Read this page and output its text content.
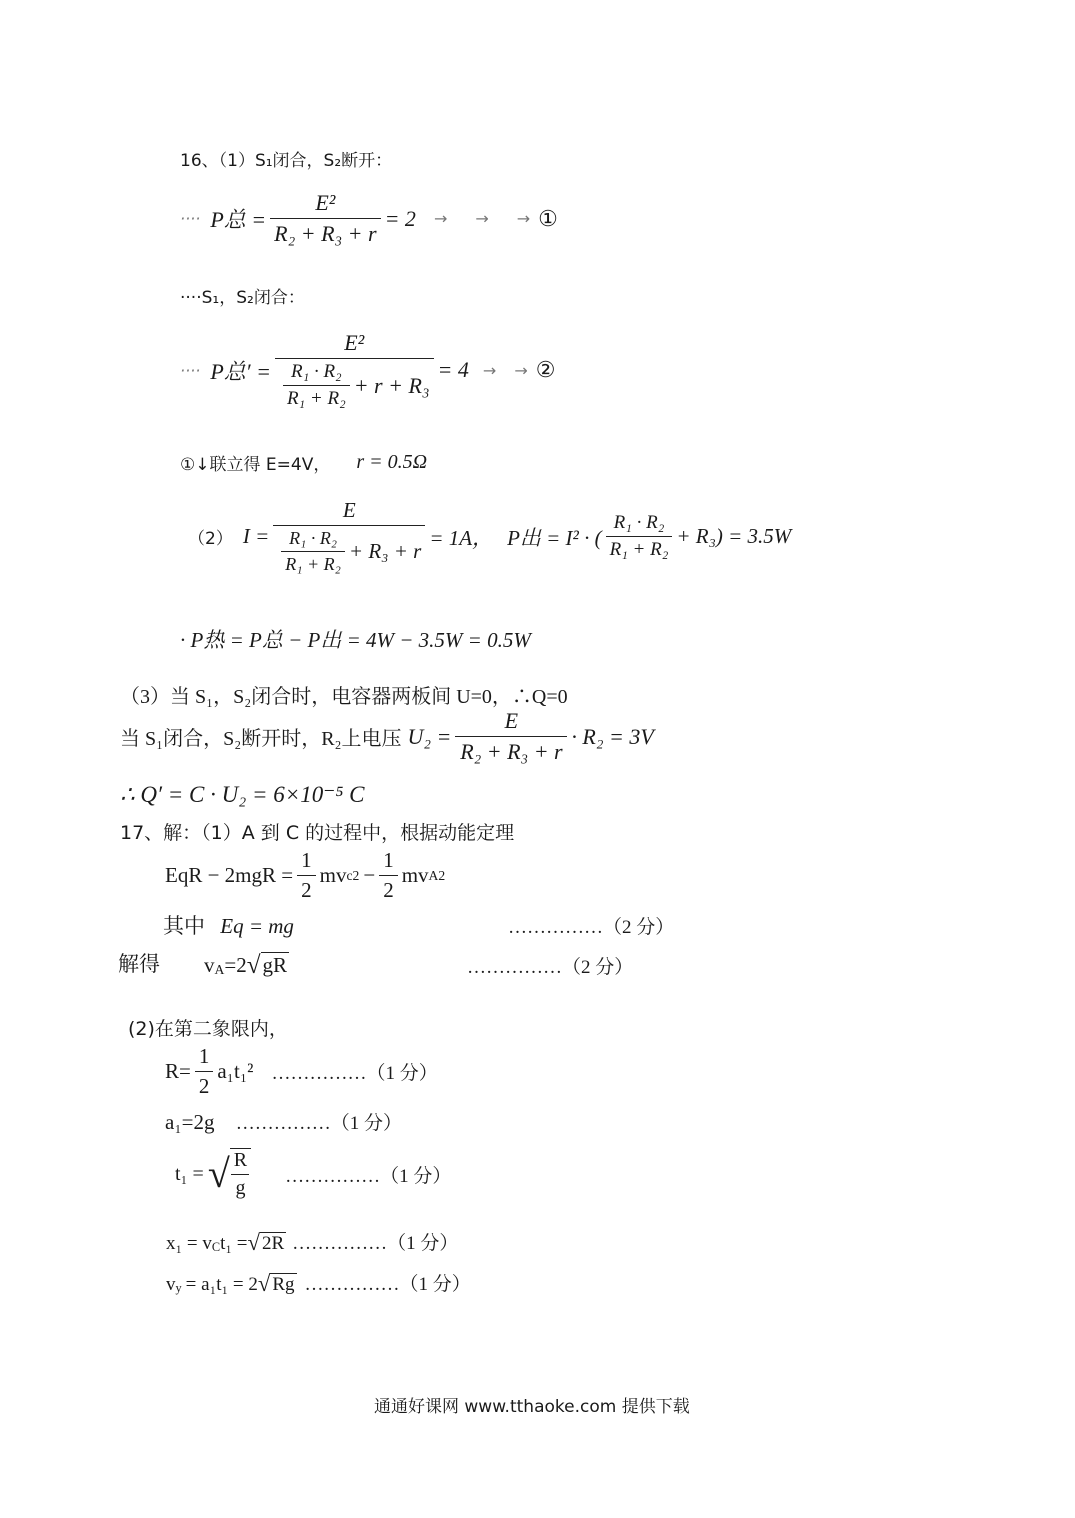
16、（1）S₁闭合，S₂断开：
···· P总 = $\frac{\text{E²}}{\text{R₂ + R₃ + r}} = 2$ → → → ①
····S₁，S₂闭合：
···· P总′ = $\frac{\text{E²}}{\frac{\text{R₁ · R₂}}{\text{R₁ + R₂}} + r + R_3} = 4$ → → ②
①↓联立得 E=4V， r = 0.5Ω
（2） $I = \frac{E}{\frac{\text{R₁ · R₂}}{\text{R₁ + R₂}} + R_3 + r} = 1A$， P出 = I² · ( $\frac{\text{R₁ · R₂}}{\text{R₁ + R₂}} + R_3) = 3.5W$
· P热 = P总 − P出 = 4W − 3.5W = 0.5W
（3）当 S₁，S₂闭合时，电容器两板间 U=0，∴Q=0
当 S₁闭合，S₂断开时，R₂上电压 $U_2 = \frac{E}{\text{R₂ + R₃ + r}} \cdot R_2 = 3V$
∴ Q′ = C · U₂ = 6×10⁻⁵ C
17、解：（1）A 到 C 的过程中，根据动能定理
EqR − $2mgR = \frac{1}{2}$ mv c $2 - \frac{1}{2}$ mv A 2
其中 Eq = mg	……………（2 分）
解得 $v_A =2$ √ gR	……………（2 分）
(2)在第二象限内，
$R= \frac{1}{2} a_1t_1^2$ ……………（1 分）
a₁=2g ……………（1 分）
t₁ = √ $\frac{R}{g}$ ……………（1 分）
x₁ = v C t₁ = √ 2R ……………（1 分）
v y = a₁t₁ = 2 √ Rg ……………（1 分）
通通好课网 www.tthaoke.com 提供下载
